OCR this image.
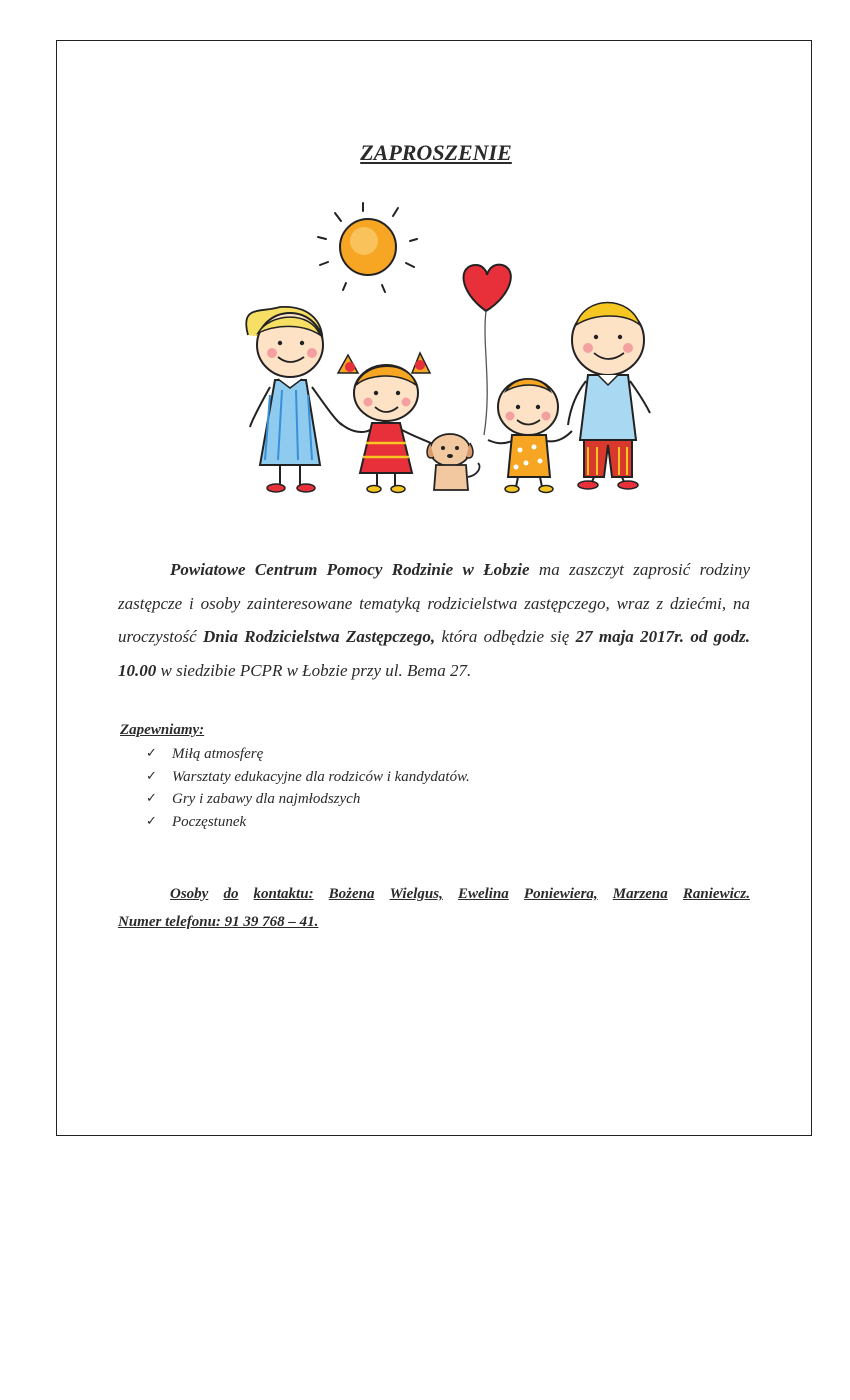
ZAPROSZENIE
Powiatowe Centrum Pomocy Rodzinie w Łobzie ma zaszczyt zaprosić rodziny zastępcze i osoby zainteresowane tematyką rodzicielstwa zastępczego, wraz z dziećmi, na uroczystość Dnia Rodzicielstwa Zastępczego, która odbędzie się 27 maja 2017r. od godz. 10.00 w siedzibie PCPR w Łobzie przy ul. Bema 27.
Zapewniamy:
✓	Miłą atmosferę
✓	Warsztaty edukacyjne dla rodziców i kandydatów.
✓	Gry i zabawy dla najmłodszych
✓	Poczęstunek
Osoby do kontaktu: Bożena Wielgus, Ewelina Poniewiera, Marzena Raniewicz.
Numer telefonu: 91 39 768 – 41.
